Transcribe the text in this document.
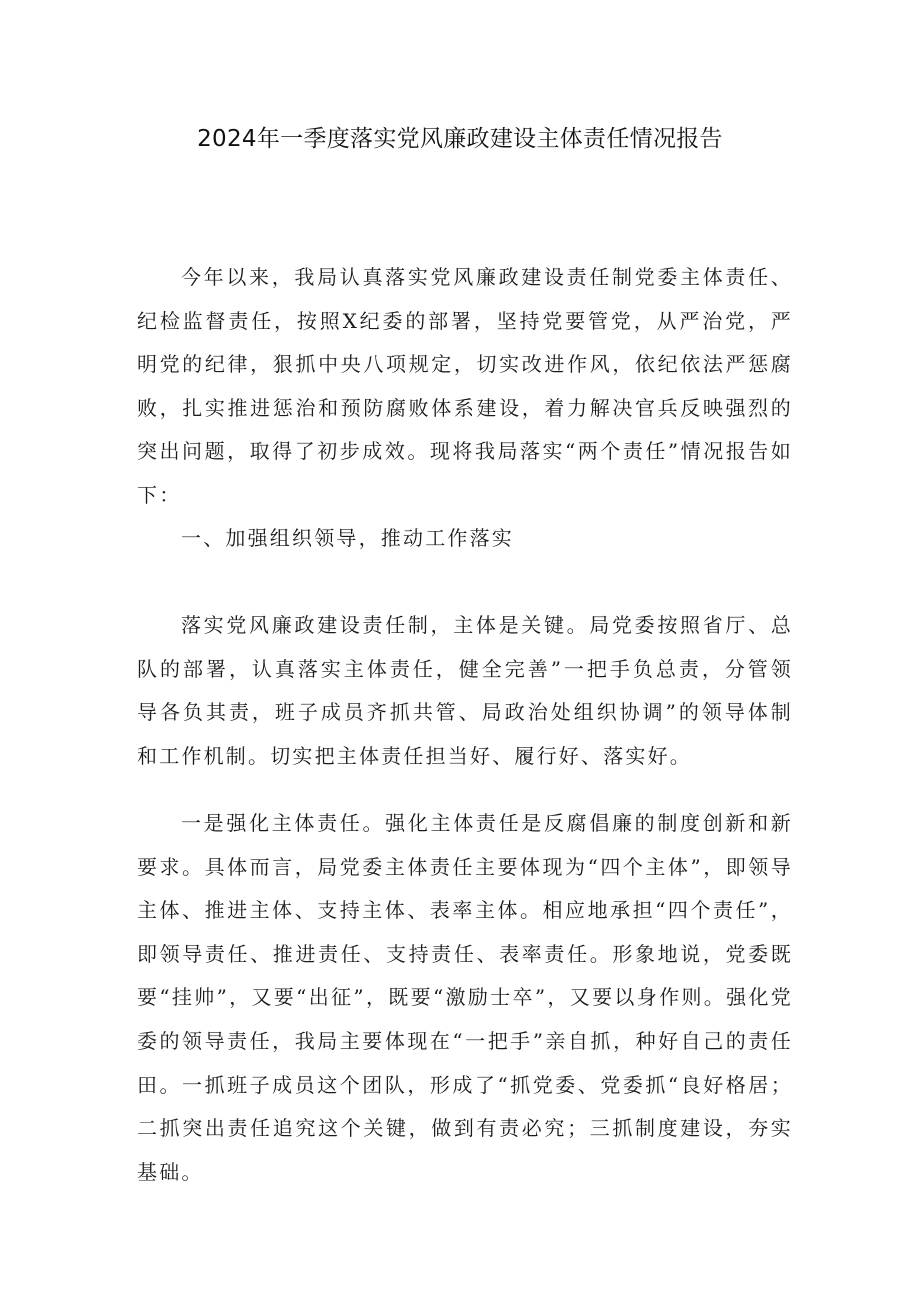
2024年一季度落实党风廉政建设主体责任情况报告

今年以来，我局认真落实党风廉政建设责任制党委主体责任、纪检监督责任，按照X纪委的部署，坚持党要管党，从严治党，严明党的纪律，狠抓中央八项规定，切实改进作风，依纪依法严惩腐败，扎实推进惩治和预防腐败体系建设，着力解决官兵反映强烈的突出问题，取得了初步成效。现将我局落实“两个责任”情况报告如下：

一、加强组织领导，推动工作落实

落实党风廉政建设责任制，主体是关键。局党委按照省厅、总队的部署，认真落实主体责任，健全完善”一把手负总责，分管领导各负其责，班子成员齐抓共管、局政治处组织协调”的领导体制和工作机制。切实把主体责任担当好、履行好、落实好。

一是强化主体责任。强化主体责任是反腐倡廉的制度创新和新要求。具体而言，局党委主体责任主要体现为“四个主体”，即领导主体、推进主体、支持主体、表率主体。相应地承担“四个责任”，即领导责任、推进责任、支持责任、表率责任。形象地说，党委既要“挂帅”，又要“出征”，既要“激励士卒”，又要以身作则。强化党委的领导责任，我局主要体现在“一把手”亲自抓，种好自己的责任田。一抓班子成员这个团队，形成了“抓党委、党委抓“良好格居；二抓突出责任追究这个关键，做到有责必究；三抓制度建设，夯实基础。
